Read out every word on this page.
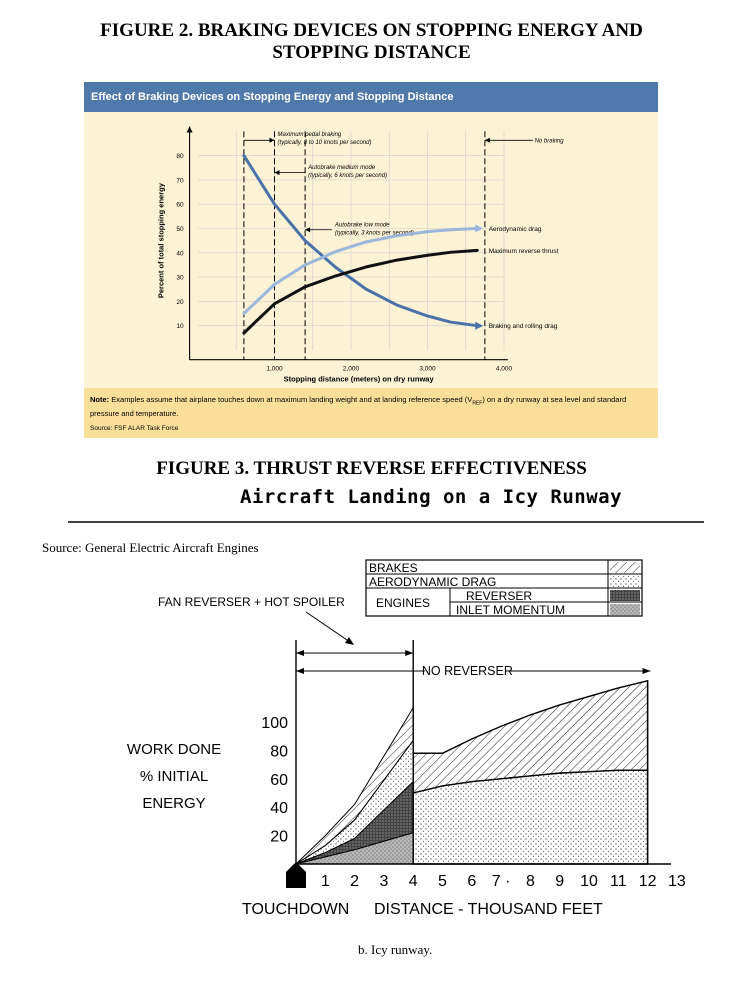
FIGURE 2. BRAKING DEVICES ON STOPPING ENERGY AND
STOPPING DISTANCE
Effect of Braking Devices on Stopping Energy and Stopping Distance
10
20
30
40
50
60
70
80
1,000	2,000	3,000	4,000
Stopping distance (meters) on dry runway
Percent of total stopping energy
Maximum pedal braking
(typically, 8 to 10 knots per second)
Autobrake medium mode
(typically, 6 knots per second)
Autobrake low mode
(typically, 3 knots per second)
No braking
Braking and rolling drag
Aerodynamic drag
Maximum reverse thrust
Note: Examples assume that airplane touches down at maximum landing weight and at landing reference speed $(V_{REF})$ on a dry runway at sea level and standard pressure and temperature.
Source: FSF ALAR Task Force
FIGURE 3. THRUST REVERSE EFFECTIVENESS
BRAKES
AERODYNAMIC DRAG
ENGINES	REVERSER
INLET MOMENTUM
FAN REVERSER + HOT SPOILER
NO REVERSER
20
40
60
80
100
1 2 3 4 5 6 7 · 8 9 10 11 12 13
WORK DONE
% INITIAL
ENERGY
TOUCHDOWN DISTANCE - THOUSAND FEET
Aircraft Landing on a Icy Runway
Source: General Electric Aircraft Engines
b. Icy runway.
